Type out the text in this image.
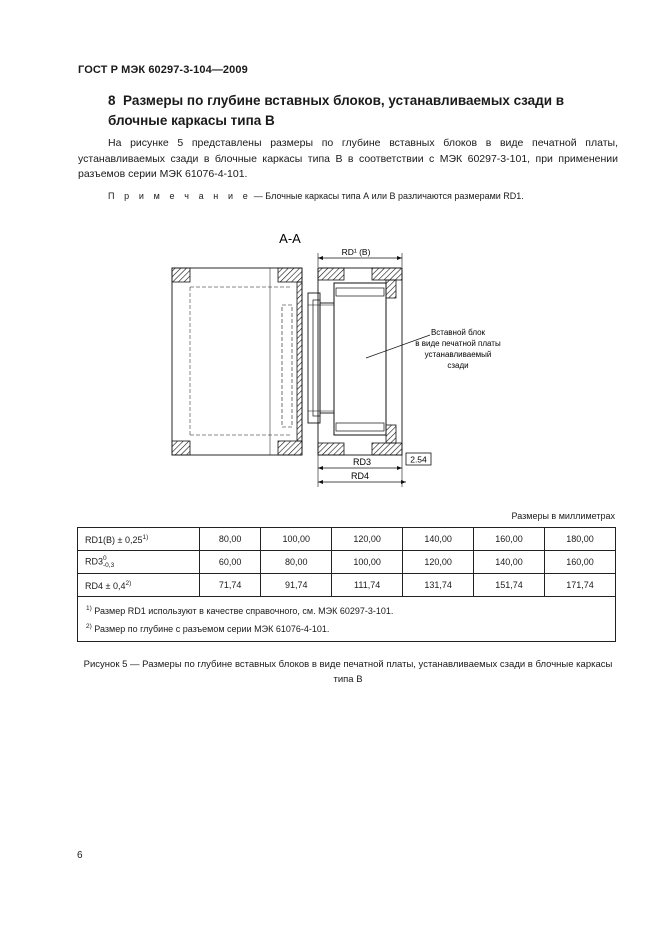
ГОСТ Р МЭК 60297-3-104—2009
8 Размеры по глубине вставных блоков, устанавливаемых сзади в блочные каркасы типа В
На рисунке 5 представлены размеры по глубине вставных блоков в виде печатной платы, устанавливаемых сзади в блочные каркасы типа В в соответствии с МЭК 60297-3-101, при применении разъемов серии МЭК 61076-4-101.
П р и м е ч а н и е — Блочные каркасы типа А или В различаются размерами RD1.
А-А
RD¹ (В)
Вставной блок
в виде печатной платы
устанавливаемый
сзади
RD3	2.54
RD4
Размеры в миллиметрах
$RD1(В) \pm 0,25^{1)}$	80,00	100,00	120,00	140,00	160,00	180,00
RD3 0
-0,3	60,00	80,00	100,00	120,00	140,00	160,00
$RD4 \pm 0,4^{2)}$	71,74	91,74	111,74	131,74	151,74	171,74

$^{1)}$ Размер RD1 используют в качестве справочного, см. МЭК 60297-3-101.
$^{2)}$ Размер по глубине с разъемом серии МЭК 61076-4-101.						
Рисунок 5 — Размеры по глубине вставных блоков в виде печатной платы, устанавливаемых сзади в блочные каркасы типа В
6
